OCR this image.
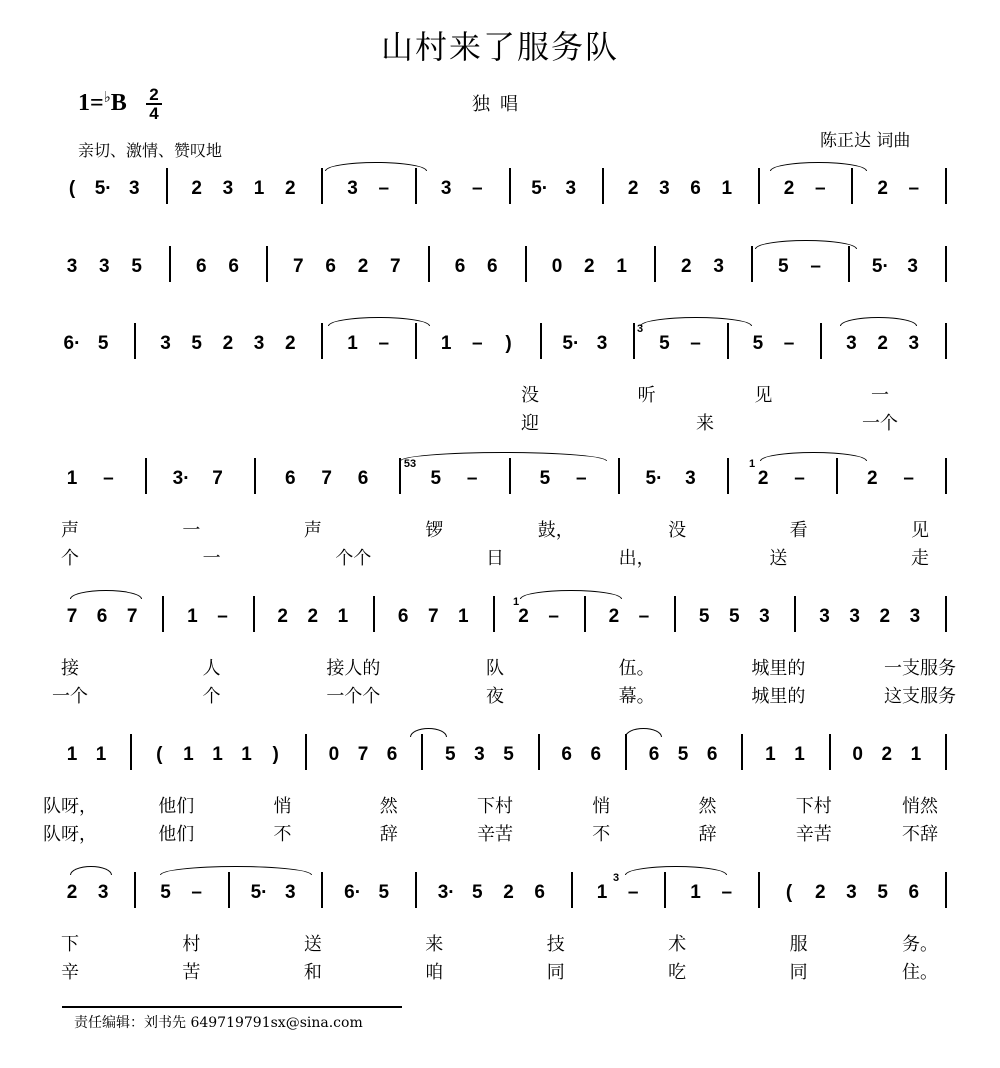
山村来了服务队
独唱
$1=^♭B \frac{2}{4}$
亲切、激情、赞叹地	陈正达 词曲
( 5· 3	2 3 1 2	3 –	3 –	5· 3	2 3 6 1	2 –	2 –
3 3 5	6 6	7 6 2 7	6 6	0 2 1	2 3	5 –	5· 3
6· 5	3 5 2 3 2	1 –	1 – )	5· 3	5 –	5 –	3 2 3
没	听	见	一
迎	来	一个
3
1 –	3· 7	6 7 6	5 –	5 –	5· 3	2 –	2 –
声	一	声	锣	鼓，	没	看	见
个	一	个个	日	出，	送	走
53	1
7 6 7	1 –	2 2 1	6 7 1	2 –	2 –	5 5 3	3 3 2 3
接	人	接人的	队	伍。	城里的	一支服务
一个	个	一个个	夜	幕。	城里的	这支服务
1
1 1	( 1 1 1 )	0 7 6	5 3 5	6 6	6 5 6	1 1	0 2 1
队呀，	他们	悄	然	下村	悄	然	下村	悄然
队呀，	他们	不	辞	辛苦	不	辞	辛苦	不辞
2 3	5 –	5· 3	6· 5	3· 5 2 6	1 –	1 –	( 2 3 5 6
下	村	送	来	技	术	服	务。
辛	苦	和	咱	同	吃	同	住。
3
责任编辑：刘书先 649719791sx@sina.com
